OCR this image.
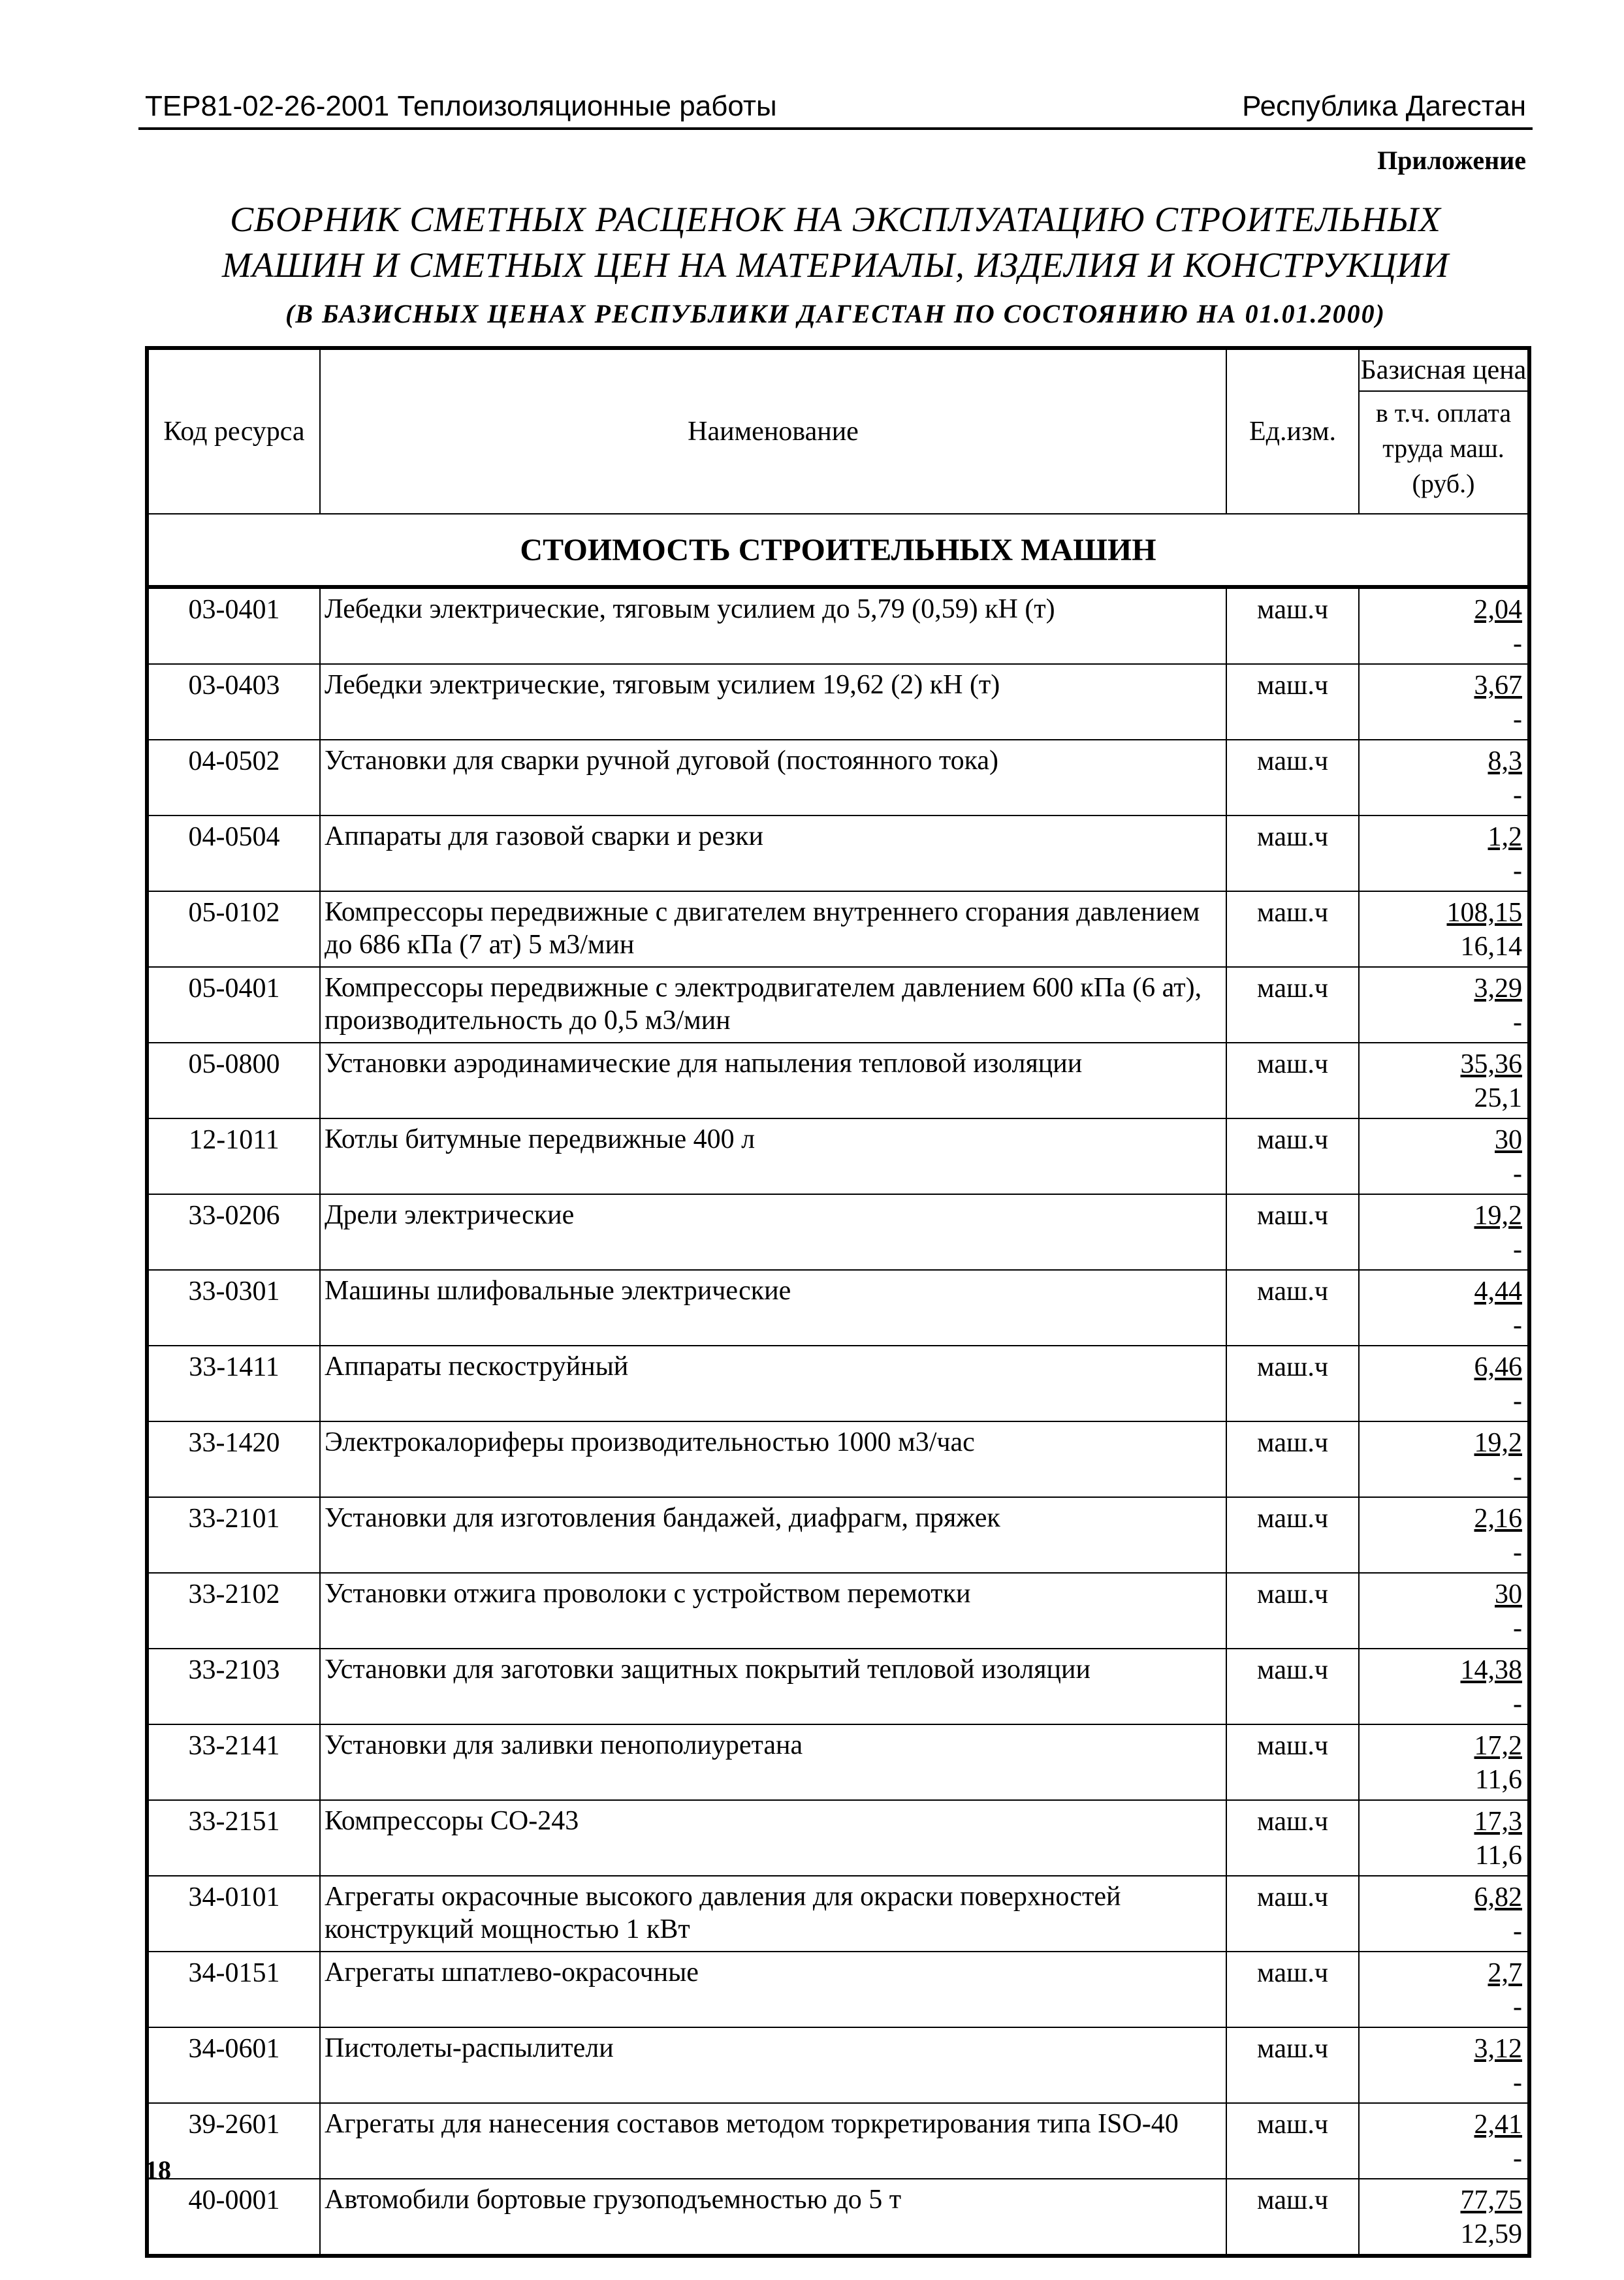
ТЕР81-02-26-2001 Теплоизоляционные работы	Республика Дагестан
Приложение
СБОРНИК СМЕТНЫХ РАСЦЕНОК НА ЭКСПЛУАТАЦИЮ СТРОИТЕЛЬНЫХ
МАШИН И СМЕТНЫХ ЦЕН НА МАТЕРИАЛЫ, ИЗДЕЛИЯ И КОНСТРУКЦИИ
(В БАЗИСНЫХ ЦЕНАХ РЕСПУБЛИКИ ДАГЕСТАН ПО СОСТОЯНИЮ НА 01.01.2000)
Код ресурса	Наименование	Ед.изм.	Базисная цена
в т.ч. оплата
труда маш.
(руб.)

СТОИМОСТЬ СТРОИТЕЛЬНЫХ МАШИН			
03-0401	Лебедки электрические, тяговым усилием до 5,79 (0,59) кН (т)	маш.ч	2,04
-

03-0403	Лебедки электрические, тяговым усилием 19,62 (2) кН (т)	маш.ч	3,67
-

04-0502	Установки для сварки ручной дуговой (постоянного тока)	маш.ч	8,3
-

04-0504	Аппараты для газовой сварки и резки	маш.ч	1,2
-

05-0102	Компрессоры передвижные с двигателем внутреннего сгорания давлением до 686 кПа (7 ат) 5 м3/мин	маш.ч	108,15
16,14

05-0401	Компрессоры передвижные с электродвигателем давлением 600 кПа (6 ат), производительность до 0,5 м3/мин	маш.ч	3,29
-

05-0800	Установки аэродинамические для напыления тепловой изоляции	маш.ч	35,36
25,1

12-1011	Котлы битумные передвижные 400 л	маш.ч	30
-

33-0206	Дрели электрические	маш.ч	19,2
-

33-0301	Машины шлифовальные электрические	маш.ч	4,44
-

33-1411	Аппараты пескоструйный	маш.ч	6,46
-

33-1420	Электрокалориферы производительностью 1000 м3/час	маш.ч	19,2
-

33-2101	Установки для изготовления бандажей, диафрагм, пряжек	маш.ч	2,16
-

33-2102	Установки отжига проволоки с устройством перемотки	маш.ч	30
-

33-2103	Установки для заготовки защитных покрытий тепловой изоляции	маш.ч	14,38
-

33-2141	Установки для заливки пенополиуретана	маш.ч	17,2
11,6

33-2151	Компрессоры СО-243	маш.ч	17,3
11,6

34-0101	Агрегаты окрасочные высокого давления для окраски поверхностей конструкций мощностью 1 кВт	маш.ч	6,82
-

34-0151	Агрегаты шпатлево-окрасочные	маш.ч	2,7
-

34-0601	Пистолеты-распылители	маш.ч	3,12
-

39-2601	Агрегаты для нанесения составов методом торкретирования типа ISO-40	маш.ч	2,41
-

40-0001	Автомобили бортовые грузоподъемностью до 5 т	маш.ч	77,75
12,59
18
